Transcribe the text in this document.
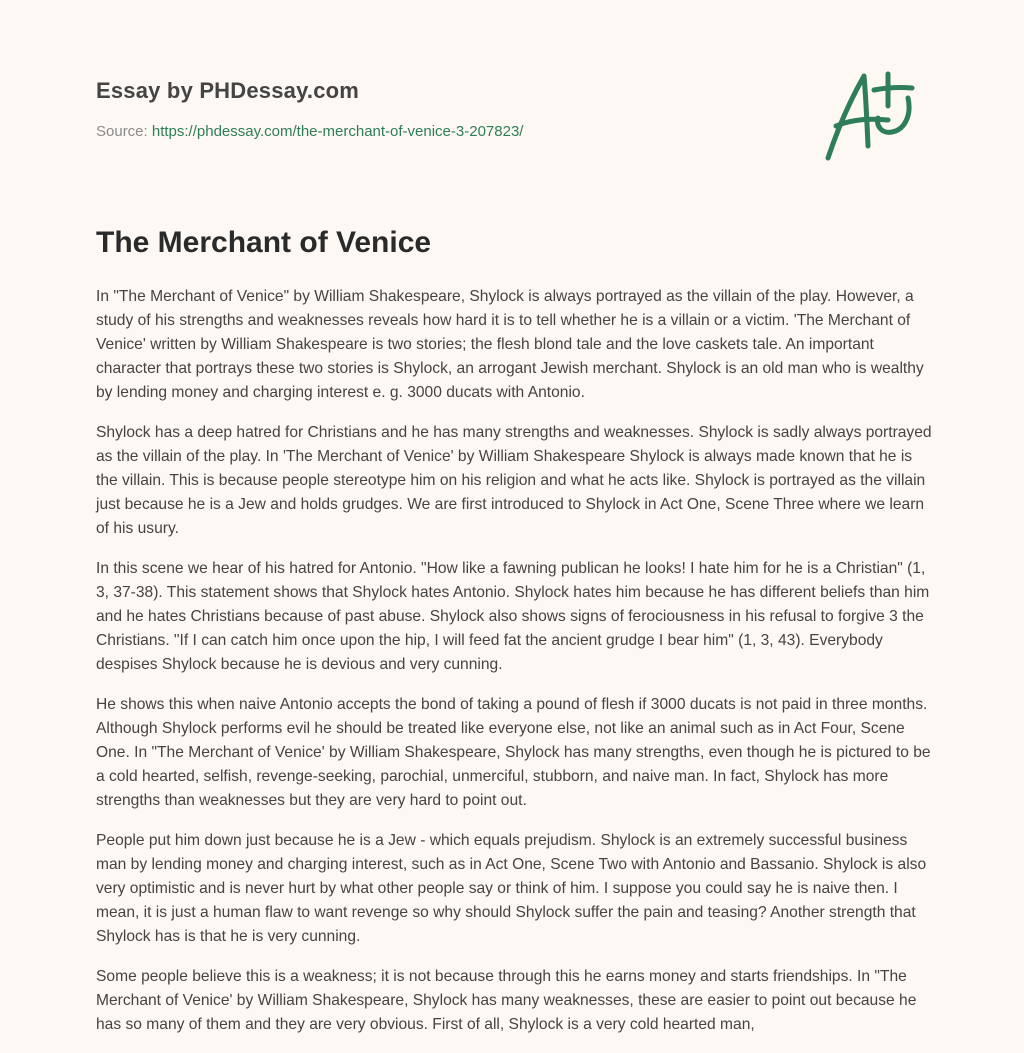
Essay by PHDessay.com
Source: https://phdessay.com/the-merchant-of-venice-3-207823/
The Merchant of Venice

In "The Merchant of Venice" by William Shakespeare, Shylock is always portrayed as the villain of the play. However, a study of his strengths and weaknesses reveals how hard it is to tell whether he is a villain or a victim. 'The Merchant of Venice' written by William Shakespeare is two stories; the flesh blond tale and the love caskets tale. An important character that portrays these two stories is Shylock, an arrogant Jewish merchant. Shylock is an old man who is wealthy by lending money and charging interest e. g. 3000 ducats with Antonio.

Shylock has a deep hatred for Christians and he has many strengths and weaknesses. Shylock is sadly always portrayed as the villain of the play. In 'The Merchant of Venice' by William Shakespeare Shylock is always made known that he is the villain. This is because people stereotype him on his religion and what he acts like. Shylock is portrayed as the villain just because he is a Jew and holds grudges. We are first introduced to Shylock in Act One, Scene Three where we learn of his usury.

In this scene we hear of his hatred for Antonio. "How like a fawning publican he looks! I hate him for he is a Christian" (1, 3, 37-38). This statement shows that Shylock hates Antonio. Shylock hates him because he has different beliefs than him and he hates Christians because of past abuse. Shylock also shows signs of ferociousness in his refusal to forgive 3 the Christians. "If I can catch him once upon the hip, I will feed fat the ancient grudge I bear him" (1, 3, 43). Everybody despises Shylock because he is devious and very cunning.

He shows this when naive Antonio accepts the bond of taking a pound of flesh if 3000 ducats is not paid in three months. Although Shylock performs evil he should be treated like everyone else, not like an animal such as in Act Four, Scene One. In "The Merchant of Venice' by William Shakespeare, Shylock has many strengths, even though he is pictured to be a cold hearted, selfish, revenge-seeking, parochial, unmerciful, stubborn, and naive man. In fact, Shylock has more strengths than weaknesses but they are very hard to point out.

People put him down just because he is a Jew - which equals prejudism. Shylock is an extremely successful business man by lending money and charging interest, such as in Act One, Scene Two with Antonio and Bassanio. Shylock is also very optimistic and is never hurt by what other people say or think of him. I suppose you could say he is naive then. I mean, it is just a human flaw to want revenge so why should Shylock suffer the pain and teasing? Another strength that Shylock has is that he is very cunning.

Some people believe this is a weakness; it is not because through this he earns money and starts friendships. In "The Merchant of Venice' by William Shakespeare, Shylock has many weaknesses, these are easier to point out because he has so many of them and they are very obvious. First of all, Shylock is a very cold hearted man,
